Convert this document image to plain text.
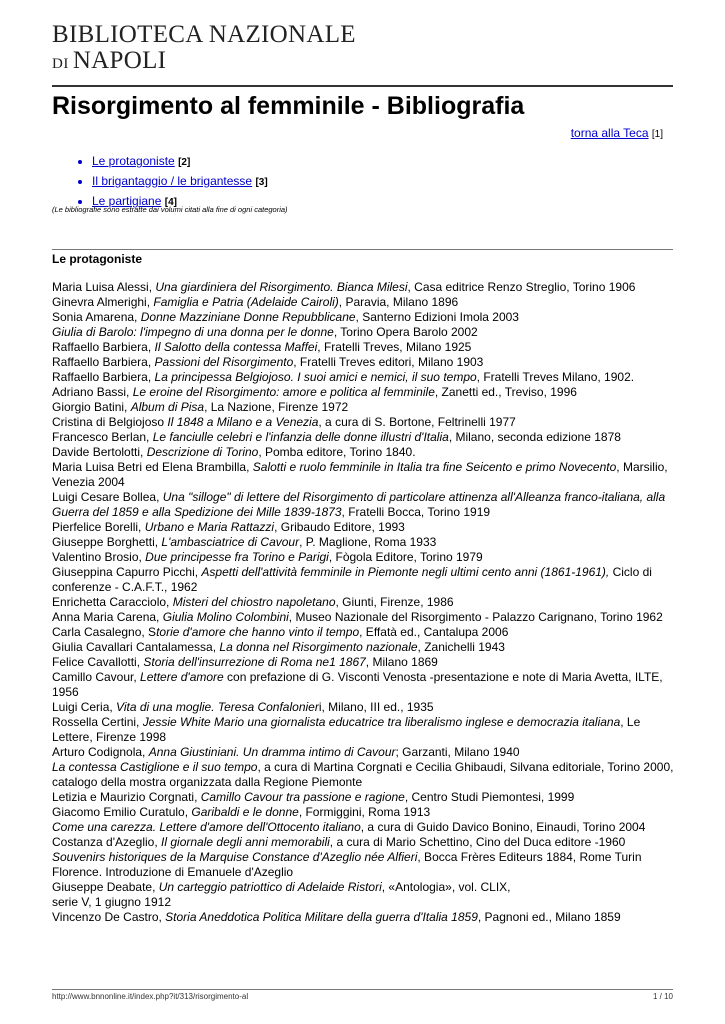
BIBLIOTECA NAZIONALE
DI NAPOLI
Risorgimento al femminile - Bibliografia
torna alla Teca [1]
• Le protagoniste [2]
• Il brigantaggio / le brigantesse [3]
• Le partigiane [4]
(Le bibliografie sono estratte dai volumi citati alla fine di ogni categoria)
Le protagoniste

Maria Luisa Alessi, Una giardiniera del Risorgimento. Bianca Milesi, Casa editrice Renzo Streglio, Torino 1906

Ginevra Almerighi, Famiglia e Patria (Adelaide Cairoli), Paravia, Milano 1896

Sonia Amarena, Donne Mazziniane Donne Repubblicane, Santerno Edizioni Imola 2003

Giulia di Barolo: l'impegno di una donna per le donne, Torino Opera Barolo 2002

Raffaello Barbiera, Il Salotto della contessa Maffei, Fratelli Treves, Milano 1925

Raffaello Barbiera, Passioni del Risorgimento, Fratelli Treves editori, Milano 1903

Raffaello Barbiera, La principessa Belgiojoso. I suoi amici e nemici, il suo tempo, Fratelli Treves Milano, 1902.

Adriano Bassi, Le eroine del Risorgimento: amore e politica al femminile, Zanetti ed., Treviso, 1996

Giorgio Batini, Album di Pisa, La Nazione, Firenze 1972

Cristina di Belgiojoso Il 1848 a Milano e a Venezia, a cura di S. Bortone, Feltrinelli 1977

Francesco Berlan, Le fanciulle celebri e l'infanzia delle donne illustri d'Italia, Milano, seconda edizione 1878

Davide Bertolotti, Descrizione di Torino, Pomba editore, Torino 1840.

Maria Luisa Betri ed Elena Brambilla, Salotti e ruolo femminile in Italia tra fine Seicento e primo Novecento, Marsilio, Venezia 2004

Luigi Cesare Bollea, Una "silloge" di lettere del Risorgimento di particolare attinenza all'Alleanza franco-italiana, alla Guerra del 1859 e alla Spedizione dei Mille 1839-1873, Fratelli Bocca, Torino 1919

Pierfelice Borelli, Urbano e Maria Rattazzi, Gribaudo Editore, 1993

Giuseppe Borghetti, L'ambasciatrice di Cavour, P. Maglione, Roma 1933

Valentino Brosio, Due principesse fra Torino e Parigi, Fògola Editore, Torino 1979

Giuseppina Capurro Picchi, Aspetti dell'attività femminile in Piemonte negli ultimi cento anni (1861-1961), Ciclo di conferenze - C.A.F.T., 1962

Enrichetta Caracciolo, Misteri del chiostro napoletano, Giunti, Firenze, 1986

Anna Maria Carena, Giulia Molino Colombini, Museo Nazionale del Risorgimento - Palazzo Carignano, Torino 1962

Carla Casalegno, Storie d'amore che hanno vinto il tempo, Effatà ed., Cantalupa 2006

Giulia Cavallari Cantalamessa, La donna nel Risorgimento nazionale, Zanichelli 1943

Felice Cavallotti, Storia dell'insurrezione di Roma ne1 1867, Milano 1869

Camillo Cavour, Lettere d'amore con prefazione di G. Visconti Venosta -presentazione e note di Maria Avetta, ILTE, 1956

Luigi Ceria, Vita di una moglie. Teresa Confalonieri, Milano, III ed., 1935

Rossella Certini, Jessie White Mario una giornalista educatrice tra liberalismo inglese e democrazia italiana, Le Lettere, Firenze 1998

Arturo Codignola, Anna Giustiniani. Un dramma intimo di Cavour; Garzanti, Milano 1940

La contessa Castiglione e il suo tempo, a cura di Martina Corgnati e Cecilia Ghibaudi, Silvana editoriale, Torino 2000, catalogo della mostra organizzata dalla Regione Piemonte

Letizia e Maurizio Corgnati, Camillo Cavour tra passione e ragione, Centro Studi Piemontesi, 1999

Giacomo Emilio Curatulo, Garibaldi e le donne, Formiggini, Roma 1913

Come una carezza. Lettere d'amore dell'Ottocento italiano, a cura di Guido Davico Bonino, Einaudi, Torino 2004

Costanza d'Azeglio, Il giornale degli anni memorabili, a cura di Mario Schettino, Cino del Duca editore -1960

Souvenirs historiques de la Marquise Constance d'Azeglio née Alfieri, Bocca Frères Editeurs 1884, Rome Turin Florence. Introduzione di Emanuele d'Azeglio

Giuseppe Deabate, Un carteggio patriottico di Adelaide Ristori, «Antologia», vol. CLIX,

serie V, 1 giugno 1912

Vincenzo De Castro, Storia Aneddotica Politica Militare della guerra d'Italia 1859, Pagnoni ed., Milano 1859

http://www.bnnonline.it/index.php?it/313/risorgimento-al	1 / 10
